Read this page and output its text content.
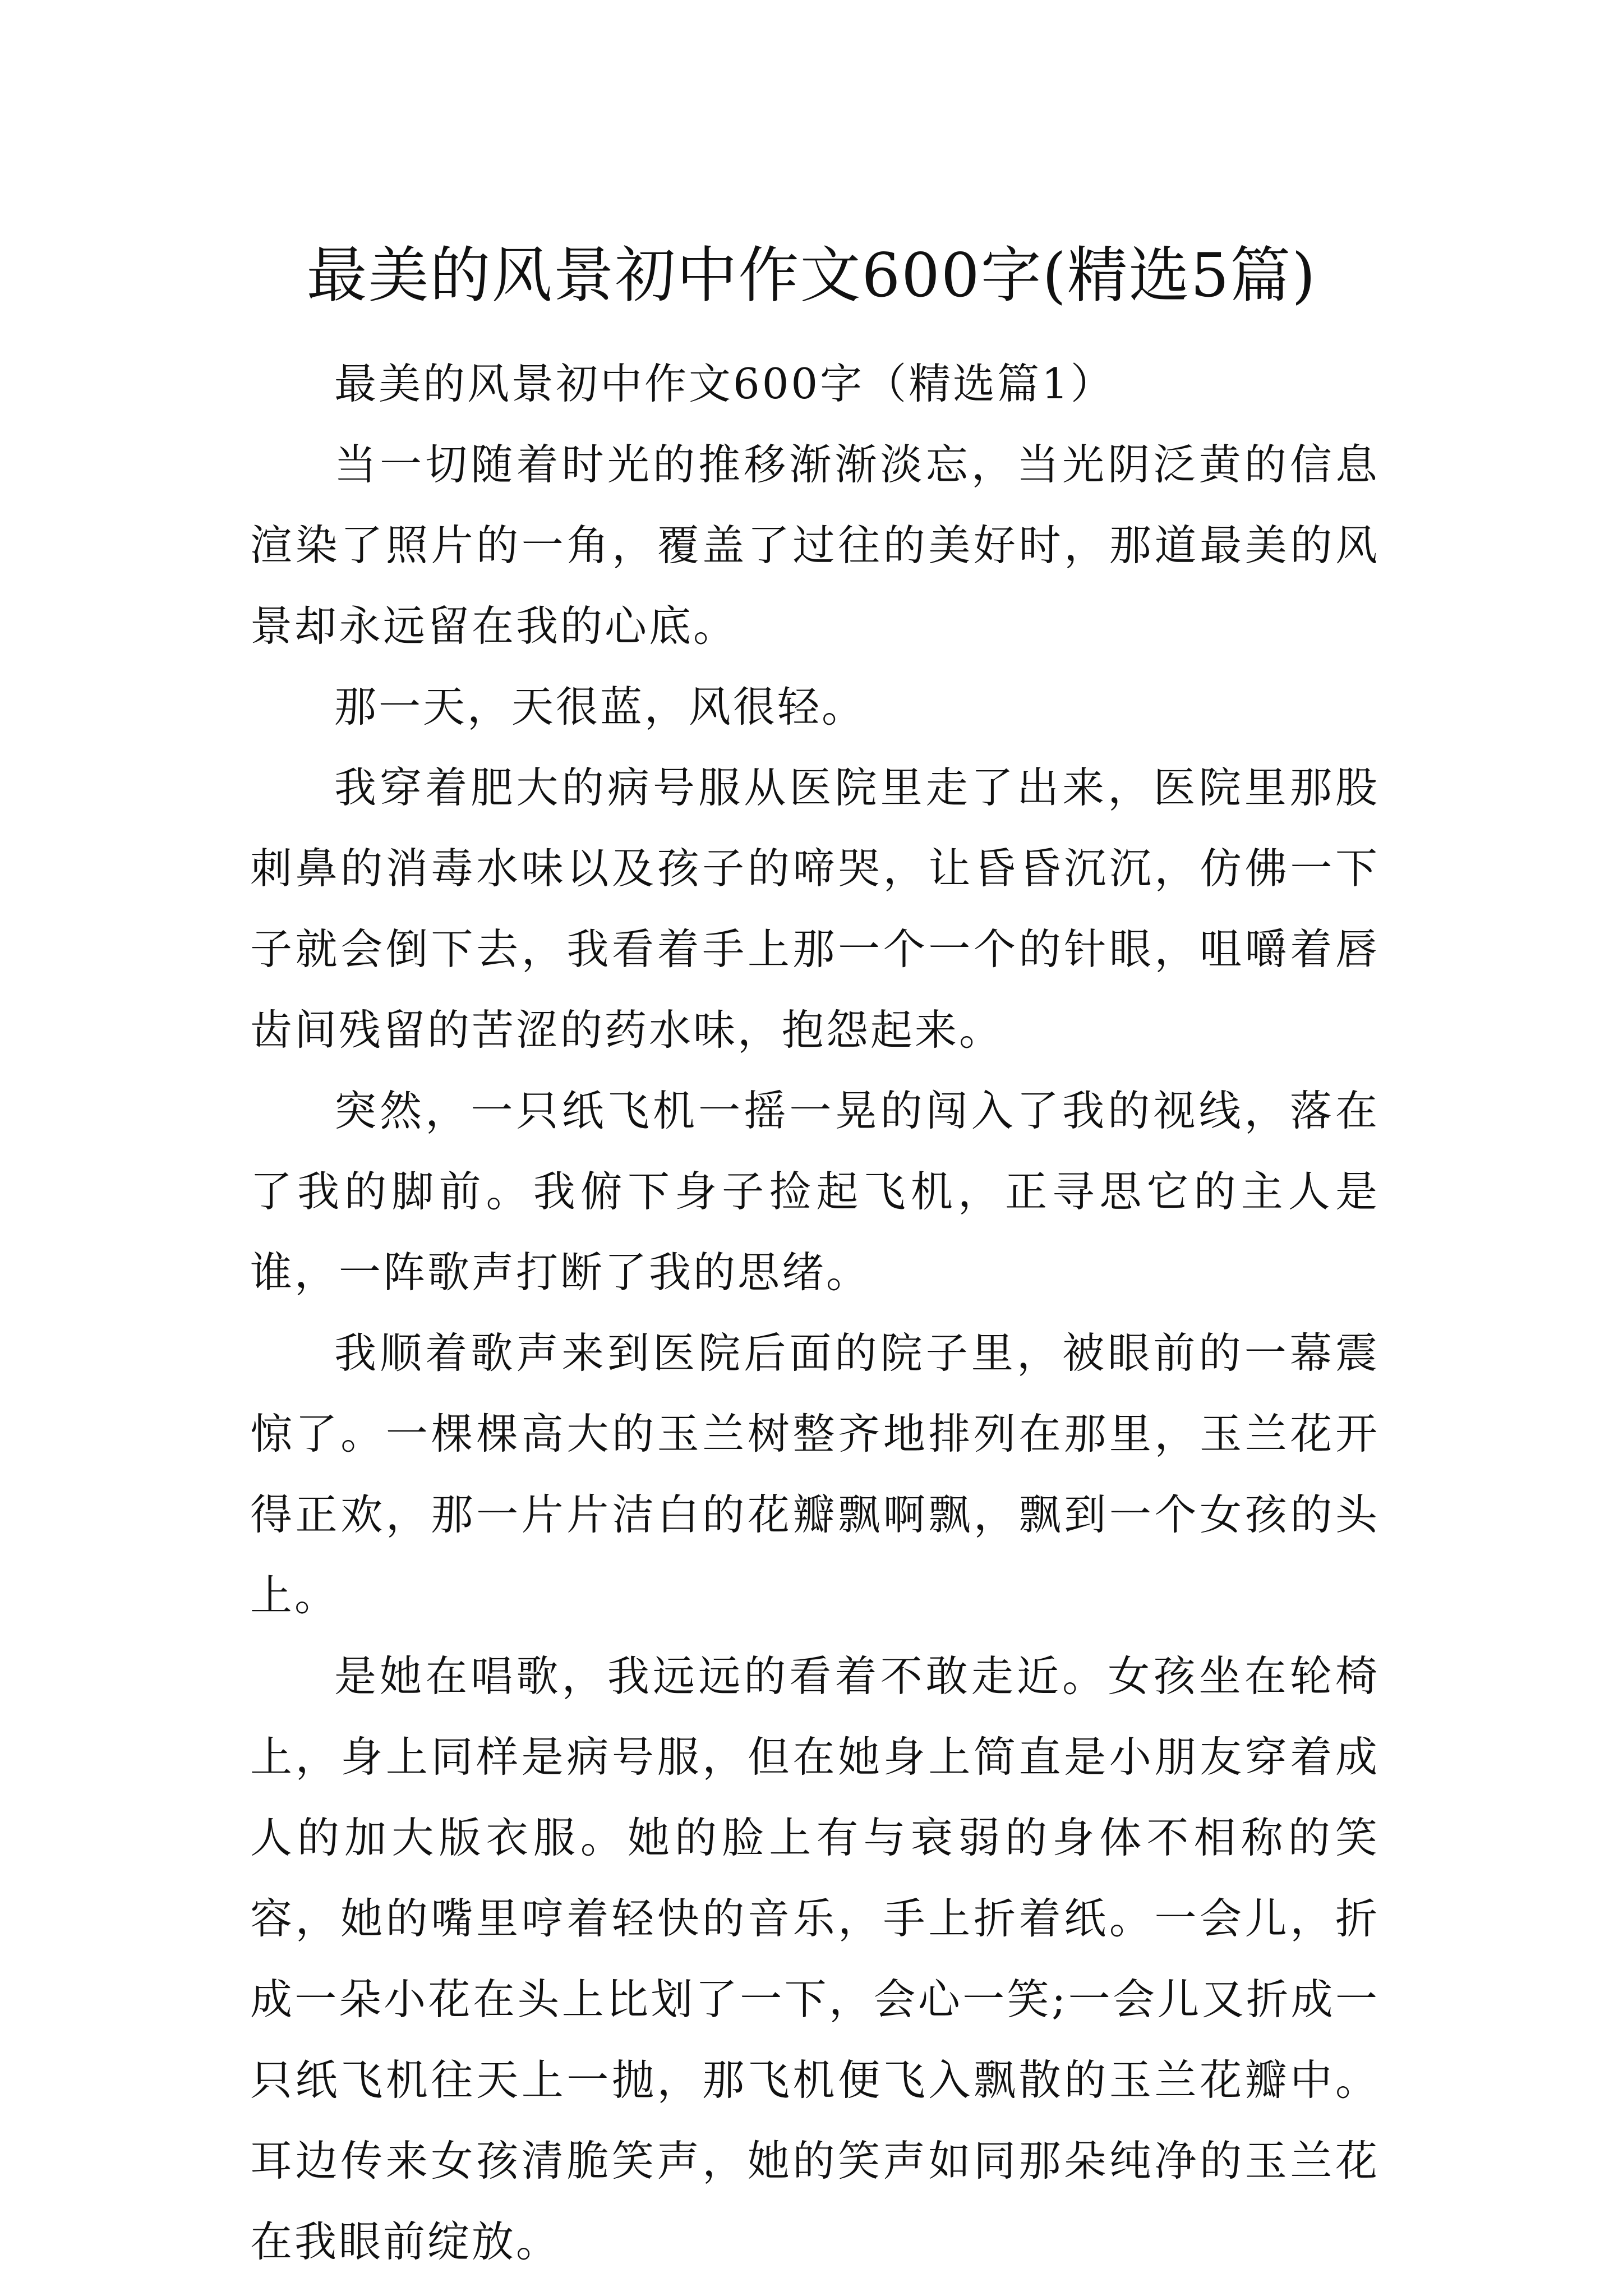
最美的风景初中作文600字(精选5篇)

最美的风景初中作文600字（精选篇1）

当一切随着时光的推移渐渐淡忘，当光阴泛黄的信息渲染了照片的一角，覆盖了过往的美好时，那道最美的风景却永远留在我的心底。

那一天，天很蓝，风很轻。

我穿着肥大的病号服从医院里走了出来，医院里那股刺鼻的消毒水味以及孩子的啼哭，让昏昏沉沉，仿佛一下子就会倒下去，我看着手上那一个一个的针眼，咀嚼着唇齿间残留的苦涩的药水味，抱怨起来。

突然，一只纸飞机一摇一晃的闯入了我的视线，落在了我的脚前。我俯下身子捡起飞机，正寻思它的主人是谁，一阵歌声打断了我的思绪。

我顺着歌声来到医院后面的院子里，被眼前的一幕震惊了。一棵棵高大的玉兰树整齐地排列在那里，玉兰花开得正欢，那一片片洁白的花瓣飘啊飘，飘到一个女孩的头上。

是她在唱歌，我远远的看着不敢走近。女孩坐在轮椅上，身上同样是病号服，但在她身上简直是小朋友穿着成人的加大版衣服。她的脸上有与衰弱的身体不相称的笑容，她的嘴里哼着轻快的音乐，手上折着纸。一会儿，折成一朵小花在头上比划了一下，会心一笑;一会儿又折成一只纸飞机往天上一抛，那飞机便飞入飘散的玉兰花瓣中。耳边传来女孩清脆笑声，她的笑声如同那朵纯净的玉兰花在我眼前绽放。
